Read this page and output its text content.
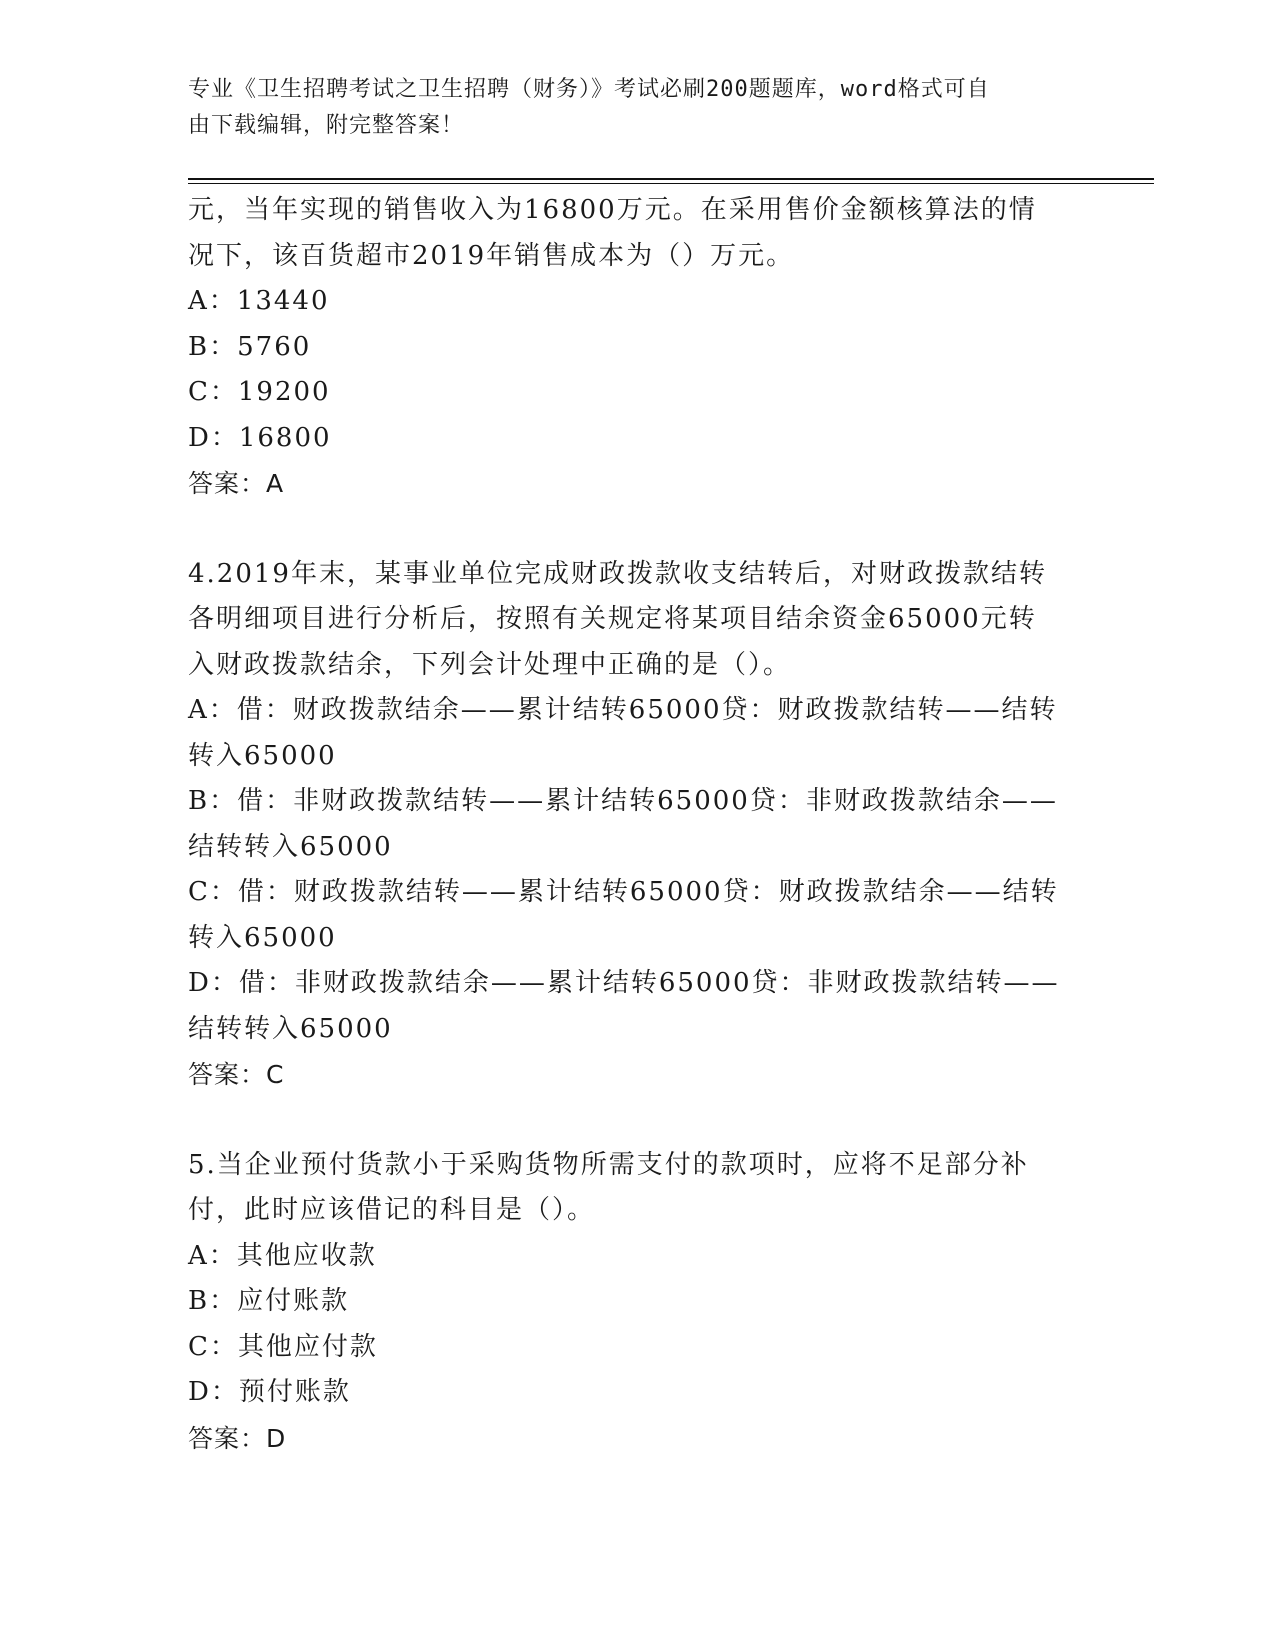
专业《卫生招聘考试之卫生招聘（财务）》考试必刷200题题库，word格式可自
由下载编辑，附完整答案！
元，当年实现的销售收入为16800万元。在采用售价金额核算法的情
况下，该百货超市2019年销售成本为（）万元。
A：13440
B：5760
C：19200
D：16800
答案：A
4.2019年末，某事业单位完成财政拨款收支结转后，对财政拨款结转
各明细项目进行分析后，按照有关规定将某项目结余资金65000元转
入财政拨款结余，下列会计处理中正确的是（）。
A：借：财政拨款结余——累计结转65000贷：财政拨款结转——结转
转入65000
B：借：非财政拨款结转——累计结转65000贷：非财政拨款结余——
结转转入65000
C：借：财政拨款结转——累计结转65000贷：财政拨款结余——结转
转入65000
D：借：非财政拨款结余——累计结转65000贷：非财政拨款结转——
结转转入65000
答案：C
5.当企业预付货款小于采购货物所需支付的款项时，应将不足部分补
付，此时应该借记的科目是（）。
A：其他应收款
B：应付账款
C：其他应付款
D：预付账款
答案：D
